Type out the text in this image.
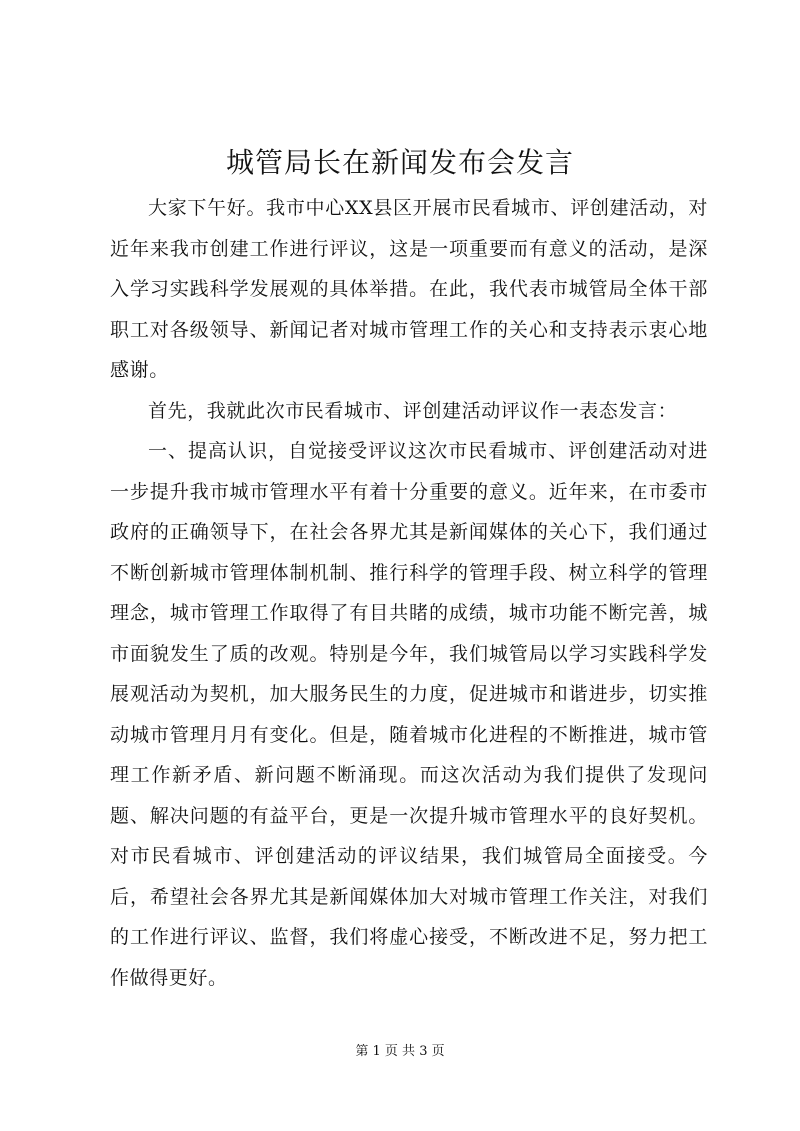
城管局长在新闻发布会发言

大家下午好。我市中心XX县区开展市民看城市、评创建活动，对近年来我市创建工作进行评议，这是一项重要而有意义的活动，是深入学习实践科学发展观的具体举措。在此，我代表市城管局全体干部职工对各级领导、新闻记者对城市管理工作的关心和支持表示衷心地感谢。

首先，我就此次市民看城市、评创建活动评议作一表态发言：

一、提高认识，自觉接受评议这次市民看城市、评创建活动对进一步提升我市城市管理水平有着十分重要的意义。近年来，在市委市政府的正确领导下，在社会各界尤其是新闻媒体的关心下，我们通过不断创新城市管理体制机制、推行科学的管理手段、树立科学的管理理念，城市管理工作取得了有目共睹的成绩，城市功能不断完善，城市面貌发生了质的改观。特别是今年，我们城管局以学习实践科学发展观活动为契机，加大服务民生的力度，促进城市和谐进步，切实推动城市管理月月有变化。但是，随着城市化进程的不断推进，城市管理工作新矛盾、新问题不断涌现。而这次活动为我们提供了发现问题、解决问题的有益平台，更是一次提升城市管理水平的良好契机。对市民看城市、评创建活动的评议结果，我们城管局全面接受。今后，希望社会各界尤其是新闻媒体加大对城市管理工作关注，对我们的工作进行评议、监督，我们将虚心接受，不断改进不足，努力把工作做得更好。

第 1 页 共 3 页
